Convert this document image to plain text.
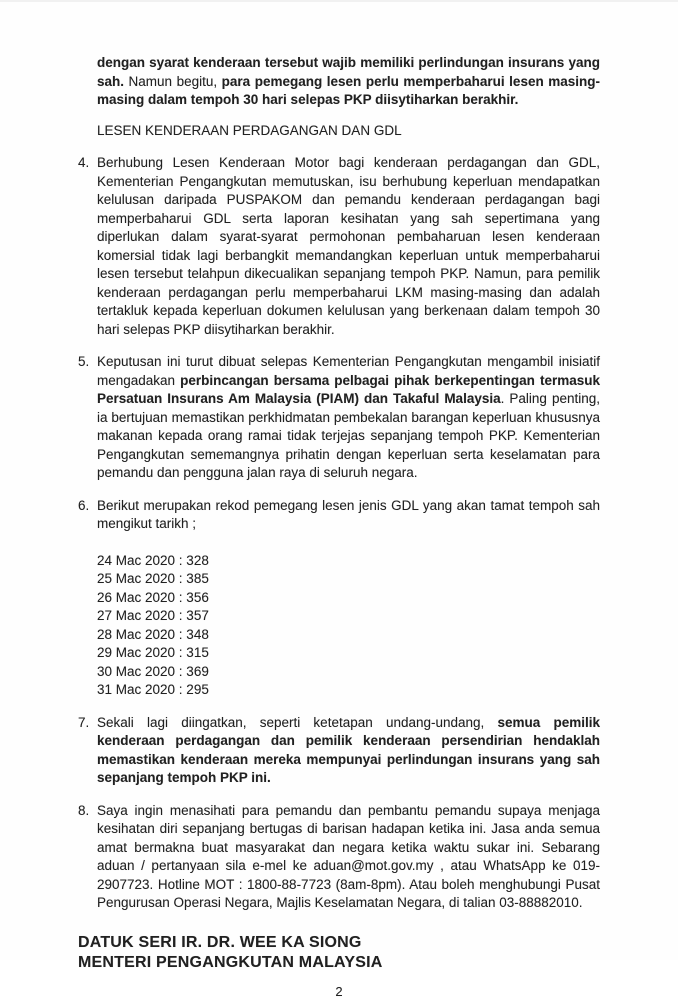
dengan syarat kenderaan tersebut wajib memiliki perlindungan insurans yang sah. Namun begitu, para pemegang lesen perlu memperbaharui lesen masing-masing dalam tempoh 30 hari selepas PKP diisytiharkan berakhir.

LESEN KENDERAAN PERDAGANGAN DAN GDL

4. Berhubung Lesen Kenderaan Motor bagi kenderaan perdagangan dan GDL, Kementerian Pengangkutan memutuskan, isu berhubung keperluan mendapatkan kelulusan daripada PUSPAKOM dan pemandu kenderaan perdagangan bagi memperbaharui GDL serta laporan kesihatan yang sah sepertimana yang diperlukan dalam syarat-syarat permohonan pembaharuan lesen kenderaan komersial tidak lagi berbangkit memandangkan keperluan untuk memperbaharui lesen tersebut telahpun dikecualikan sepanjang tempoh PKP. Namun, para pemilik kenderaan perdagangan perlu memperbaharui LKM masing-masing dan adalah tertakluk kepada keperluan dokumen kelulusan yang berkenaan dalam tempoh 30 hari selepas PKP diisytiharkan berakhir.

5. Keputusan ini turut dibuat selepas Kementerian Pengangkutan mengambil inisiatif mengadakan perbincangan bersama pelbagai pihak berkepentingan termasuk Persatuan Insurans Am Malaysia (PIAM) dan Takaful Malaysia. Paling penting, ia bertujuan memastikan perkhidmatan pembekalan barangan keperluan khususnya makanan kepada orang ramai tidak terjejas sepanjang tempoh PKP. Kementerian Pengangkutan sememangnya prihatin dengan keperluan serta keselamatan para pemandu dan pengguna jalan raya di seluruh negara.

6. Berikut merupakan rekod pemegang lesen jenis GDL yang akan tamat tempoh sah mengikut tarikh ;

24 Mac 2020 : 328
25 Mac 2020 : 385
26 Mac 2020 : 356
27 Mac 2020 : 357
28 Mac 2020 : 348
29 Mac 2020 : 315
30 Mac 2020 : 369
31 Mac 2020 : 295
7. Sekali lagi diingatkan, seperti ketetapan undang-undang, semua pemilik kenderaan perdagangan dan pemilik kenderaan persendirian hendaklah memastikan kenderaan mereka mempunyai perlindungan insurans yang sah sepanjang tempoh PKP ini.

8. Saya ingin menasihati para pemandu dan pembantu pemandu supaya menjaga kesihatan diri sepanjang bertugas di barisan hadapan ketika ini. Jasa anda semua amat bermakna buat masyarakat dan negara ketika waktu sukar ini. Sebarang aduan / pertanyaan sila e-mel ke aduan@mot.gov.my , atau WhatsApp ke 019-2907723. Hotline MOT : 1800-88-7723 (8am-8pm). Atau boleh menghubungi Pusat Pengurusan Operasi Negara, Majlis Keselamatan Negara, di talian 03-88882010.

DATUK SERI IR. DR. WEE KA SIONG
MENTERI PENGANGKUTAN MALAYSIA
2
